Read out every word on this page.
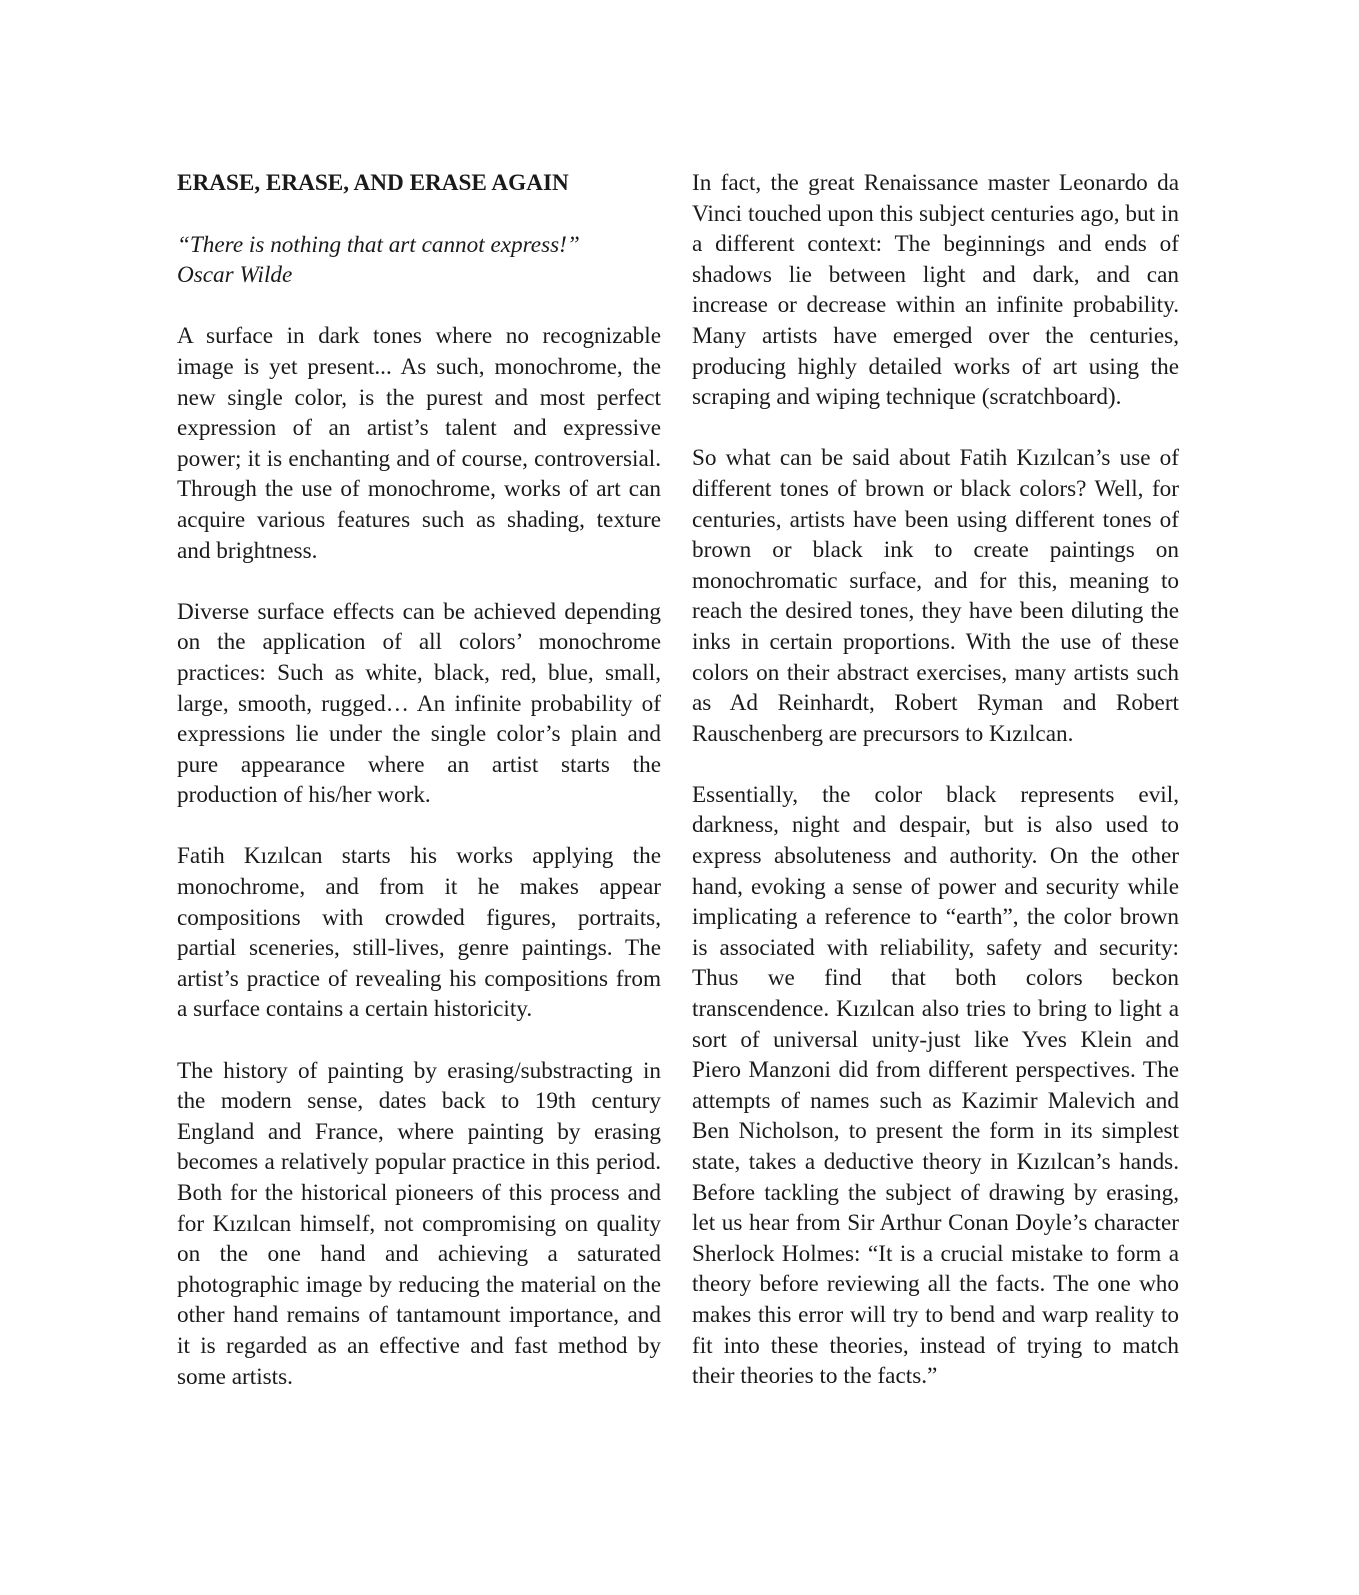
ERASE, ERASE, AND ERASE AGAIN
“There is nothing that art cannot express!”
Oscar Wilde

A surface in dark tones where no recognizable image is yet present... As such, monochrome, the new single color, is the purest and most perfect expression of an artist’s talent and expressive power; it is enchanting and of course, controversial. Through the use of monochrome, works of art can acquire various features such as shading, texture and brightness.

Diverse surface effects can be achieved depending on the application of all colors’ monochrome practices: Such as white, black, red, blue, small, large, smooth, rugged… An infinite probability of expressions lie under the single color’s plain and pure appearance where an artist starts the production of his/her work.

Fatih Kızılcan starts his works applying the monochrome, and from it he makes appear compositions with crowded figures, portraits, partial sceneries, still-lives, genre paintings. The artist’s practice of revealing his compositions from a surface contains a certain historicity.

The history of painting by erasing/substracting in the modern sense, dates back to 19th century England and France, where painting by erasing becomes a relatively popular practice in this period. Both for the historical pioneers of this process and for Kızılcan himself, not compromising on quality on the one hand and achieving a saturated photographic image by reducing the material on the other hand remains of tantamount importance, and it is regarded as an effective and fast method by some artists.

In fact, the great Renaissance master Leonardo da Vinci touched upon this subject centuries ago, but in a different context: The beginnings and ends of shadows lie between light and dark, and can increase or decrease within an infinite probability. Many artists have emerged over the centuries, producing highly detailed works of art using the scraping and wiping technique (scratchboard).

So what can be said about Fatih Kızılcan’s use of different tones of brown or black colors? Well, for centuries, artists have been using different tones of brown or black ink to create paintings on monochromatic surface, and for this, meaning to reach the desired tones, they have been diluting the inks in certain proportions. With the use of these colors on their abstract exercises, many artists such as Ad Reinhardt, Robert Ryman and Robert Rauschenberg are precursors to Kızılcan.

Essentially, the color black represents evil, darkness, night and despair, but is also used to express absoluteness and authority. On the other hand, evoking a sense of power and security while implicating a reference to “earth”, the color brown is associated with reliability, safety and security: Thus we find that both colors beckon transcendence. Kızılcan also tries to bring to light a sort of universal unity-just like Yves Klein and Piero Manzoni did from different perspectives. The attempts of names such as Kazimir Malevich and Ben Nicholson, to present the form in its simplest state, takes a deductive theory in Kızılcan’s hands. Before tackling the subject of drawing by erasing, let us hear from Sir Arthur Conan Doyle’s character Sherlock Holmes: “It is a crucial mistake to form a theory before reviewing all the facts. The one who makes this error will try to bend and warp reality to fit into these theories, instead of trying to match their theories to the facts.”
